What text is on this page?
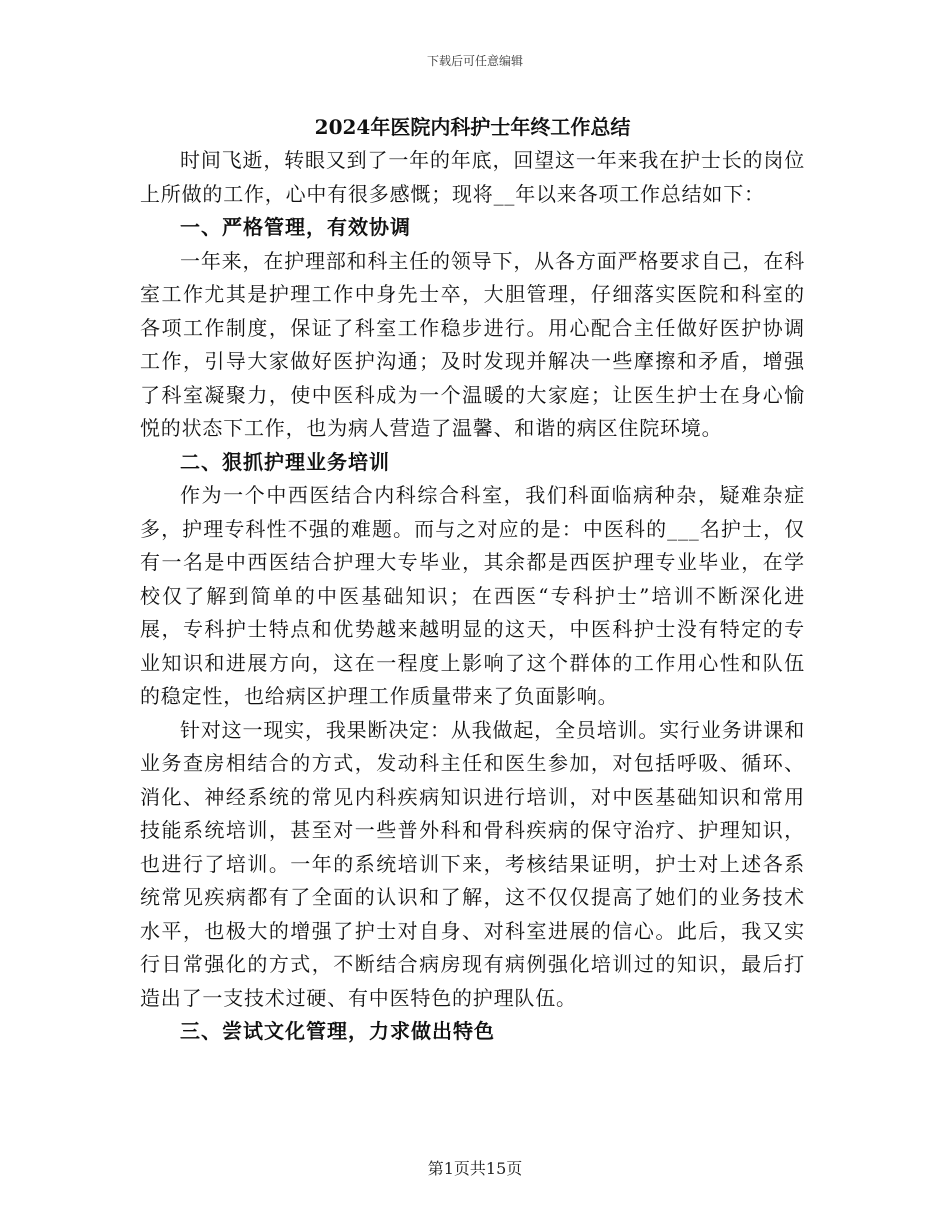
下载后可任意编辑
2024年医院内科护士年终工作总结

时间飞逝，转眼又到了一年的年底，回望这一年来我在护士长的岗位上所做的工作，心中有很多感慨；现将__年以来各项工作总结如下：

一、严格管理，有效协调

一年来，在护理部和科主任的领导下，从各方面严格要求自己，在科室工作尤其是护理工作中身先士卒，大胆管理，仔细落实医院和科室的各项工作制度，保证了科室工作稳步进行。用心配合主任做好医护协调工作，引导大家做好医护沟通；及时发现并解决一些摩擦和矛盾，增强了科室凝聚力，使中医科成为一个温暖的大家庭；让医生护士在身心愉悦的状态下工作，也为病人营造了温馨、和谐的病区住院环境。

二、狠抓护理业务培训

作为一个中西医结合内科综合科室，我们科面临病种杂，疑难杂症多，护理专科性不强的难题。而与之对应的是：中医科的___名护士，仅有一名是中西医结合护理大专毕业，其余都是西医护理专业毕业，在学校仅了解到简单的中医基础知识；在西医“专科护士”培训不断深化进展，专科护士特点和优势越来越明显的这天，中医科护士没有特定的专业知识和进展方向，这在一程度上影响了这个群体的工作用心性和队伍的稳定性，也给病区护理工作质量带来了负面影响。

针对这一现实，我果断决定：从我做起，全员培训。实行业务讲课和业务查房相结合的方式，发动科主任和医生参加，对包括呼吸、循环、消化、神经系统的常见内科疾病知识进行培训，对中医基础知识和常用技能系统培训，甚至对一些普外科和骨科疾病的保守治疗、护理知识，也进行了培训。一年的系统培训下来，考核结果证明，护士对上述各系统常见疾病都有了全面的认识和了解，这不仅仅提高了她们的业务技术水平，也极大的增强了护士对自身、对科室进展的信心。此后，我又实行日常强化的方式，不断结合病房现有病例强化培训过的知识，最后打造出了一支技术过硬、有中医特色的护理队伍。

三、尝试文化管理，力求做出特色

第1页共15页
